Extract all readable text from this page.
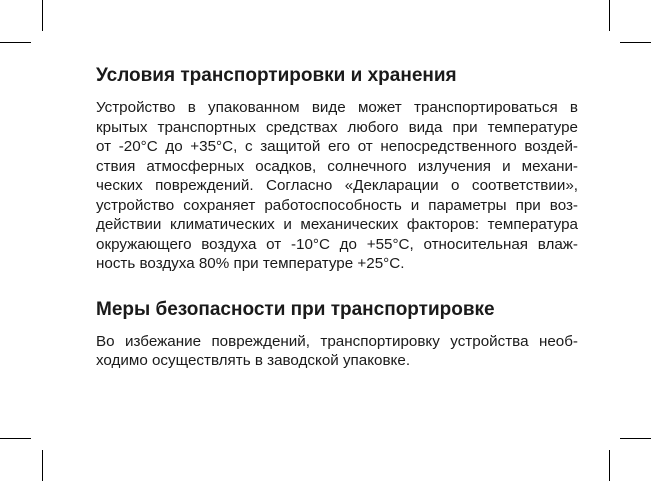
Условия транспортировки и хранения

Устройство в упакованном виде может транспортироваться в
крытых транспортных средствах любого вида при температуре
от -20°С до +35°С, с защитой его от непосредственного воздей-
ствия атмосферных осадков, солнечного излучения и механи-
ческих повреждений. Согласно «Декларации о соответствии»,
устройство сохраняет работоспособность и параметры при воз-
действии климатических и механических факторов: температура
окружающего воздуха от -10°С до +55°С, относительная влаж-
ность воздуха 80% при температуре +25°С.

Меры безопасности при транспортировке

Во избежание повреждений, транспортировку устройства необ-
ходимо осуществлять в заводской упаковке.
